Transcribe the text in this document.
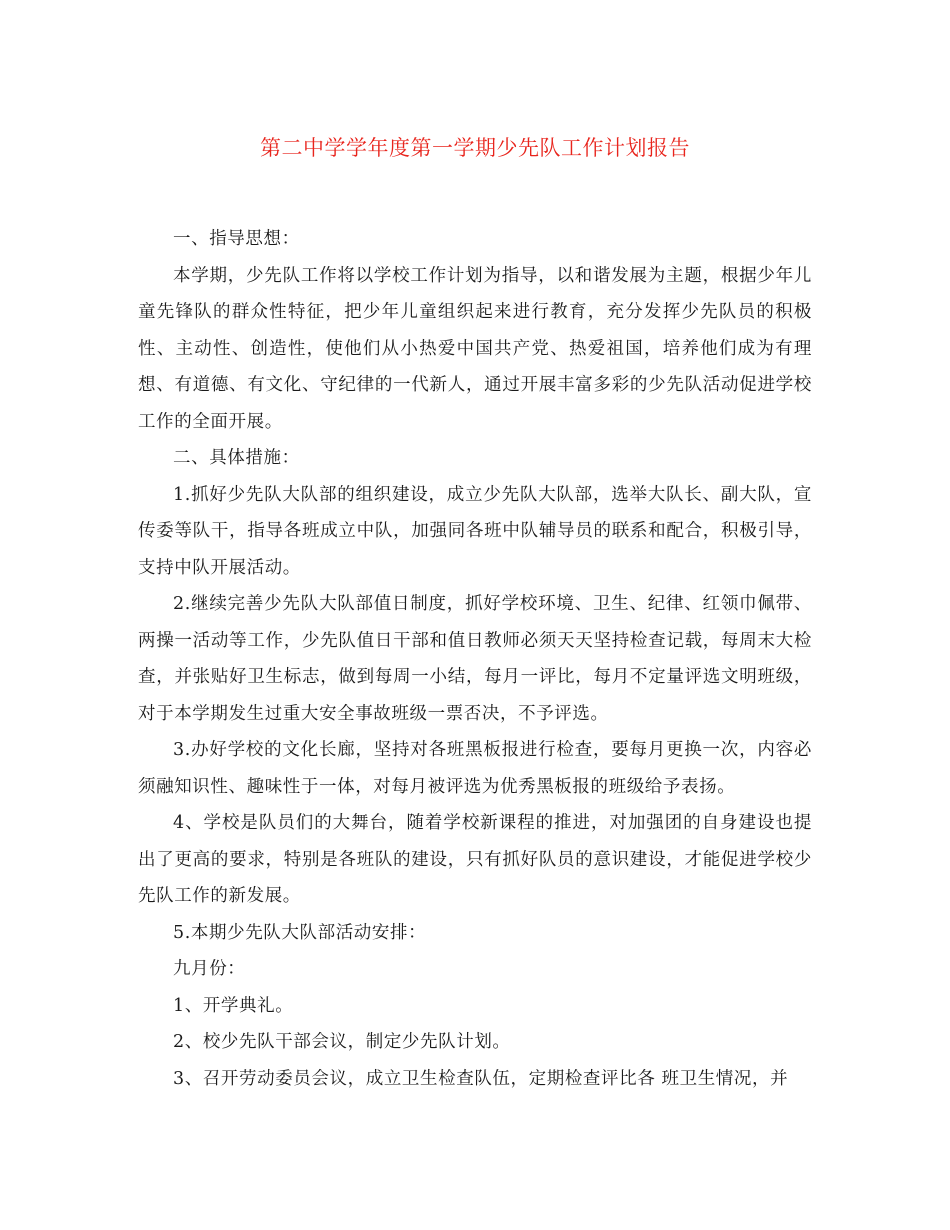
第二中学学年度第一学期少先队工作计划报告

一、指导思想：

本学期，少先队工作将以学校工作计划为指导，以和谐发展为主题，根据少年儿童先锋队的群众性特征，把少年儿童组织起来进行教育，充分发挥少先队员的积极性、主动性、创造性，使他们从小热爱中国共产党、热爱祖国，培养他们成为有理想、有道德、有文化、守纪律的一代新人，通过开展丰富多彩的少先队活动促进学校工作的全面开展。

二、具体措施：

1.抓好少先队大队部的组织建设，成立少先队大队部，选举大队长、副大队，宣传委等队干，指导各班成立中队，加强同各班中队辅导员的联系和配合，积极引导，支持中队开展活动。

2.继续完善少先队大队部值日制度，抓好学校环境、卫生、纪律、红领巾佩带、两操一活动等工作，少先队值日干部和值日教师必须天天坚持检查记载，每周末大检查，并张贴好卫生标志，做到每周一小结，每月一评比，每月不定量评选文明班级，对于本学期发生过重大安全事故班级一票否决，不予评选。

3.办好学校的文化长廊，坚持对各班黑板报进行检查，要每月更换一次，内容必须融知识性、趣味性于一体，对每月被评选为优秀黑板报的班级给予表扬。

4、学校是队员们的大舞台，随着学校新课程的推进，对加强团的自身建设也提出了更高的要求，特别是各班队的建设，只有抓好队员的意识建设，才能促进学校少先队工作的新发展。

5.本期少先队大队部活动安排：

九月份：

1、开学典礼。

2、校少先队干部会议，制定少先队计划。

3、召开劳动委员会议，成立卫生检查队伍，定期检查评比各 班卫生情况，并
